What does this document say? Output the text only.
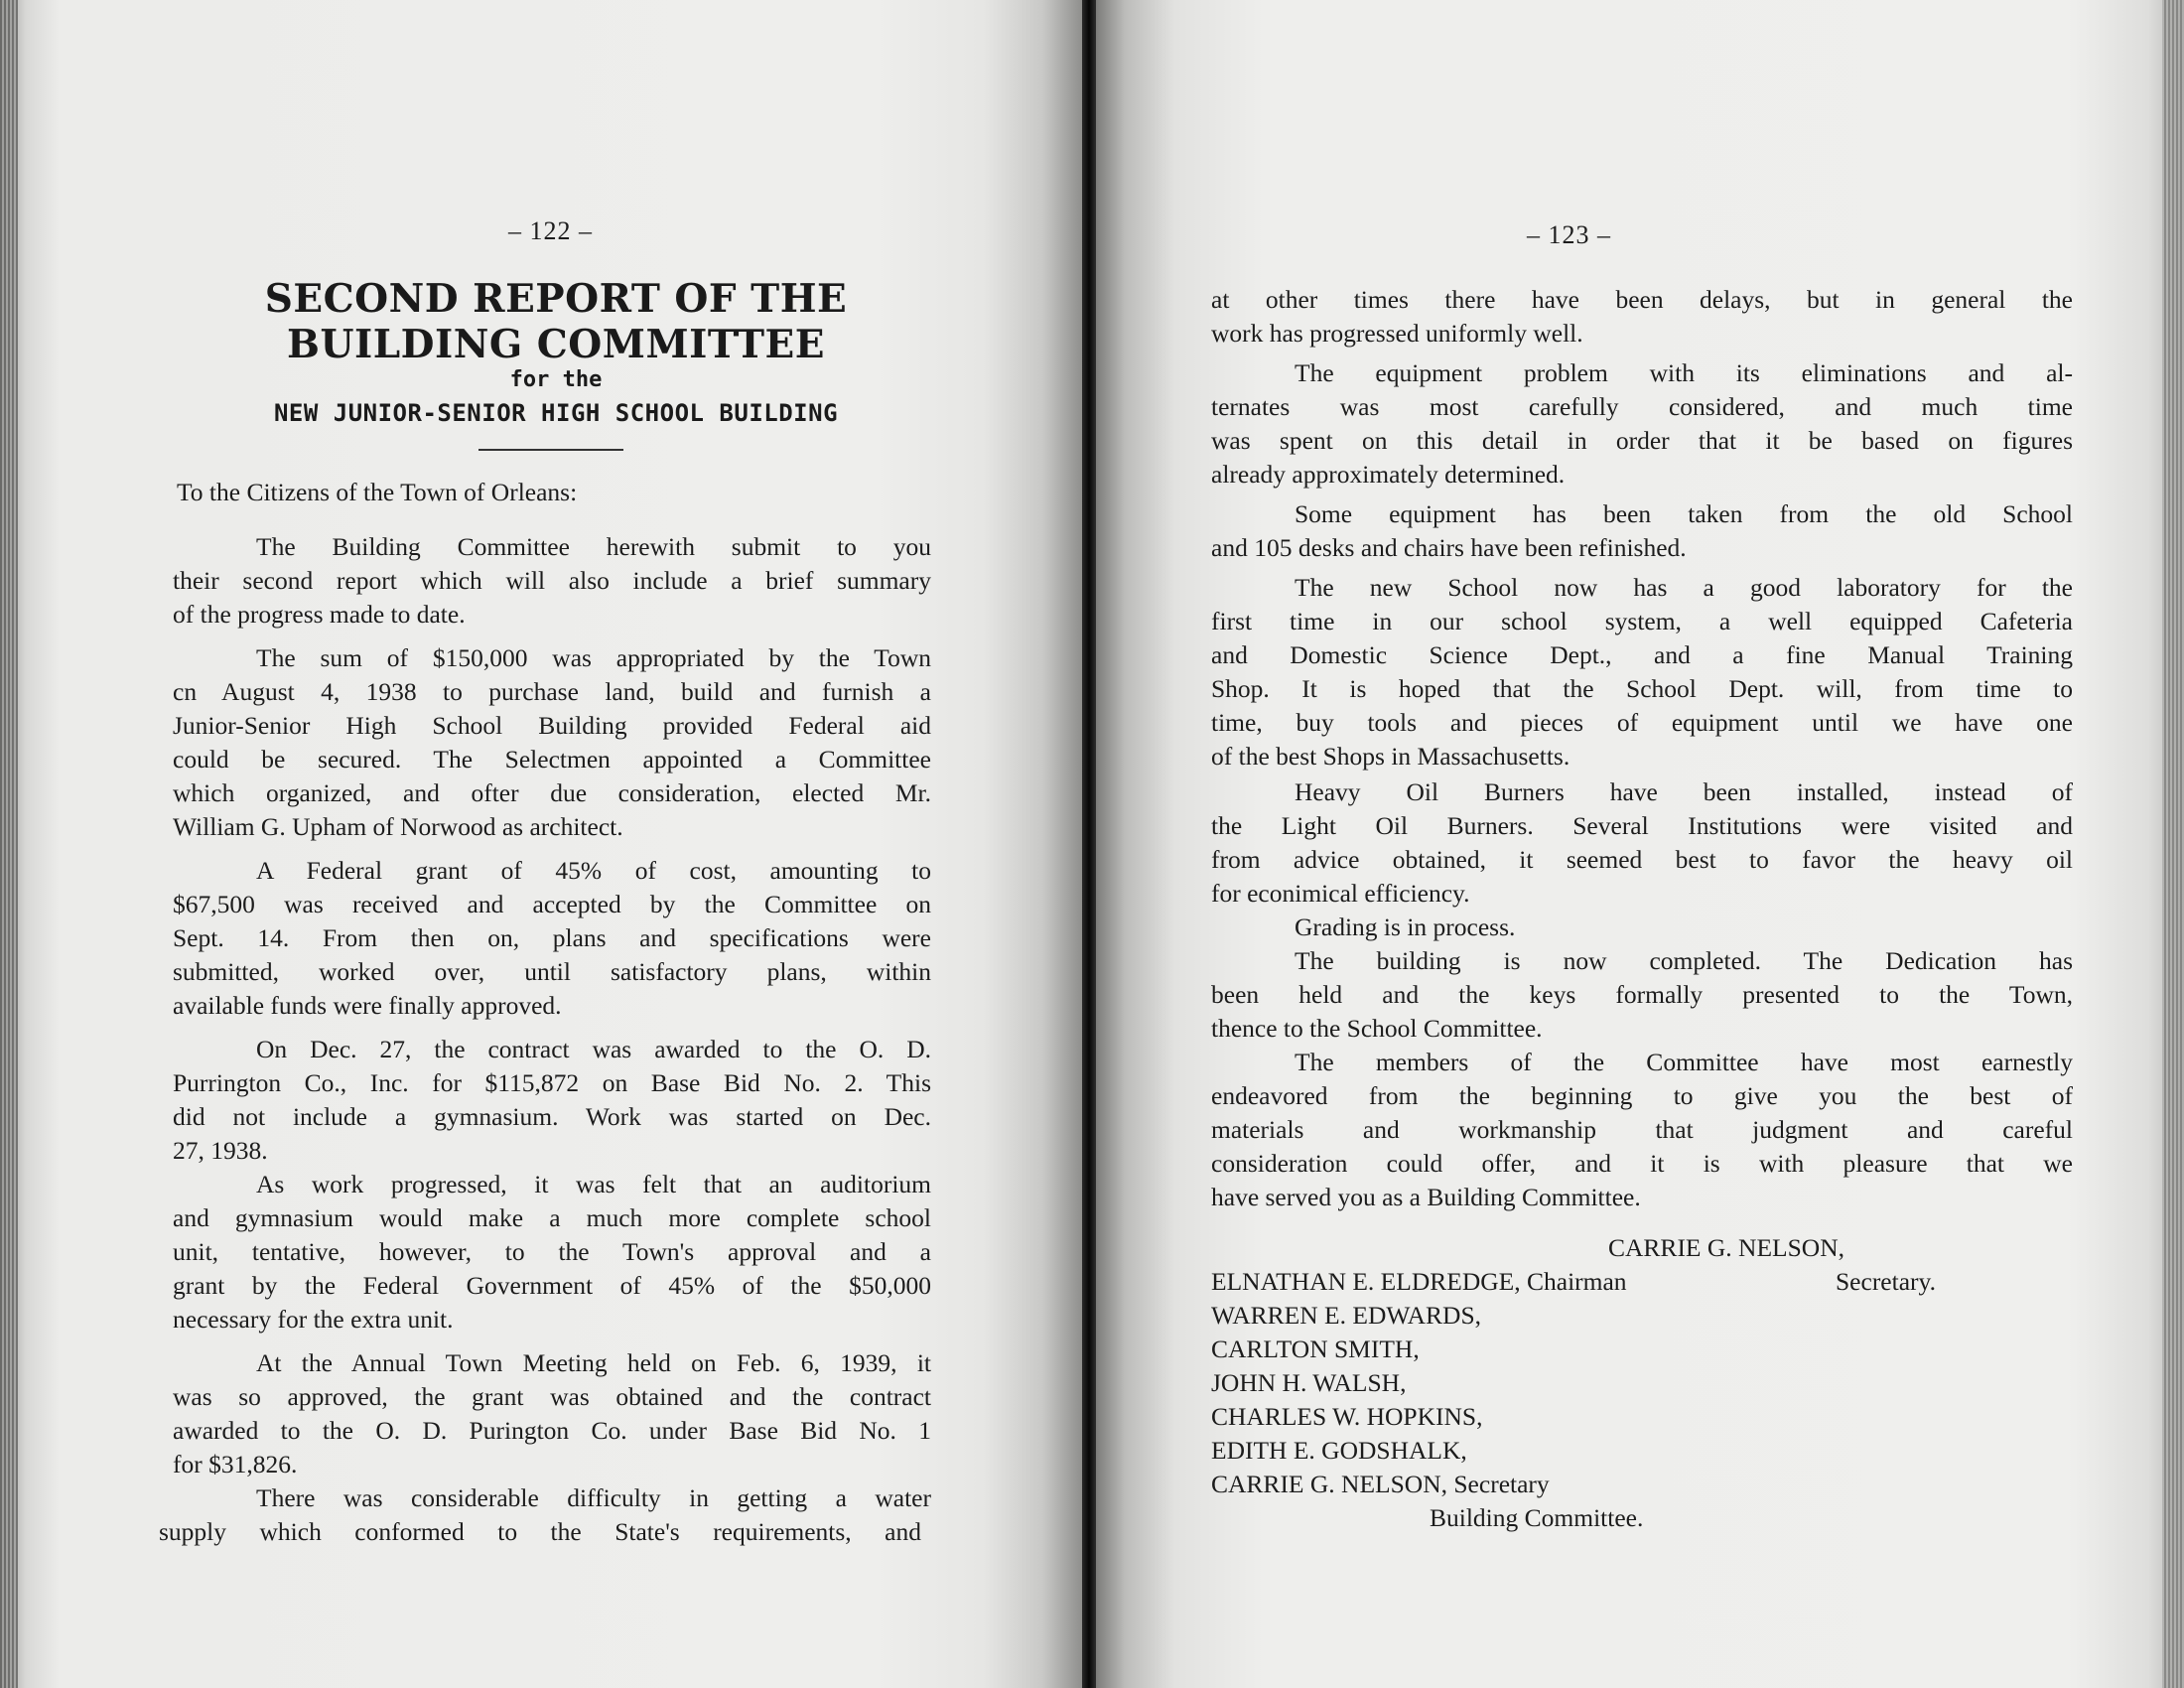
– 122 –
SECOND REPORT OF THE
BUILDING COMMITTEE
for the
NEW JUNIOR-SENIOR HIGH SCHOOL BUILDING
To the Citizens of the Town of Orleans:
The Building Committee herewith submit to you
their second report which will also include a brief summary
of the progress made to date.
The sum of $150,000 was appropriated by the Town
cn August 4, 1938 to purchase land, build and furnish a
Junior-Senior High School Building provided Federal aid
could be secured. The Selectmen appointed a Committee
which organized, and ofter due consideration, elected Mr.
William G. Upham of Norwood as architect.
A Federal grant of 45% of cost, amounting to
$67,500 was received and accepted by the Committee on
Sept. 14. From then on, plans and specifications were
submitted, worked over, until satisfactory plans, within
available funds were finally approved.
On Dec. 27, the contract was awarded to the O. D.
Purrington Co., Inc. for $115,872 on Base Bid No. 2. This
did not include a gymnasium. Work was started on Dec.
27, 1938.
As work progressed, it was felt that an auditorium
and gymnasium would make a much more complete school
unit, tentative, however, to the Town's approval and a
grant by the Federal Government of 45% of the $50,000
necessary for the extra unit.
At the Annual Town Meeting held on Feb. 6, 1939, it
was so approved, the grant was obtained and the contract
awarded to the O. D. Purington Co. under Base Bid No. 1
for $31,826.
There was considerable difficulty in getting a water
supply which conformed to the State's requirements, and
– 123 –
at other times there have been delays, but in general the
work has progressed uniformly well.
The equipment problem with its eliminations and al-
ternates was most carefully considered, and much time
was spent on this detail in order that it be based on figures
already approximately determined.
Some equipment has been taken from the old School
and 105 desks and chairs have been refinished.
The new School now has a good laboratory for the
first time in our school system, a well equipped Cafeteria
and Domestic Science Dept., and a fine Manual Training
Shop. It is hoped that the School Dept. will, from time to
time, buy tools and pieces of equipment until we have one
of the best Shops in Massachusetts.
Heavy Oil Burners have been installed, instead of
the Light Oil Burners. Several Institutions were visited and
from advice obtained, it seemed best to favor the heavy oil
for econimical efficiency.
Grading is in process.
The building is now completed. The Dedication has
been held and the keys formally presented to the Town,
thence to the School Committee.
The members of the Committee have most earnestly
endeavored from the beginning to give you the best of
materials and workmanship that judgment and careful
consideration could offer, and it is with pleasure that we
have served you as a Building Committee.
CARRIE G. NELSON,
ELNATHAN E. ELDREDGE, Chairman	Secretary.
WARREN E. EDWARDS,
CARLTON SMITH,
JOHN H. WALSH,
CHARLES W. HOPKINS,
EDITH E. GODSHALK,
CARRIE G. NELSON, Secretary
Building Committee.
